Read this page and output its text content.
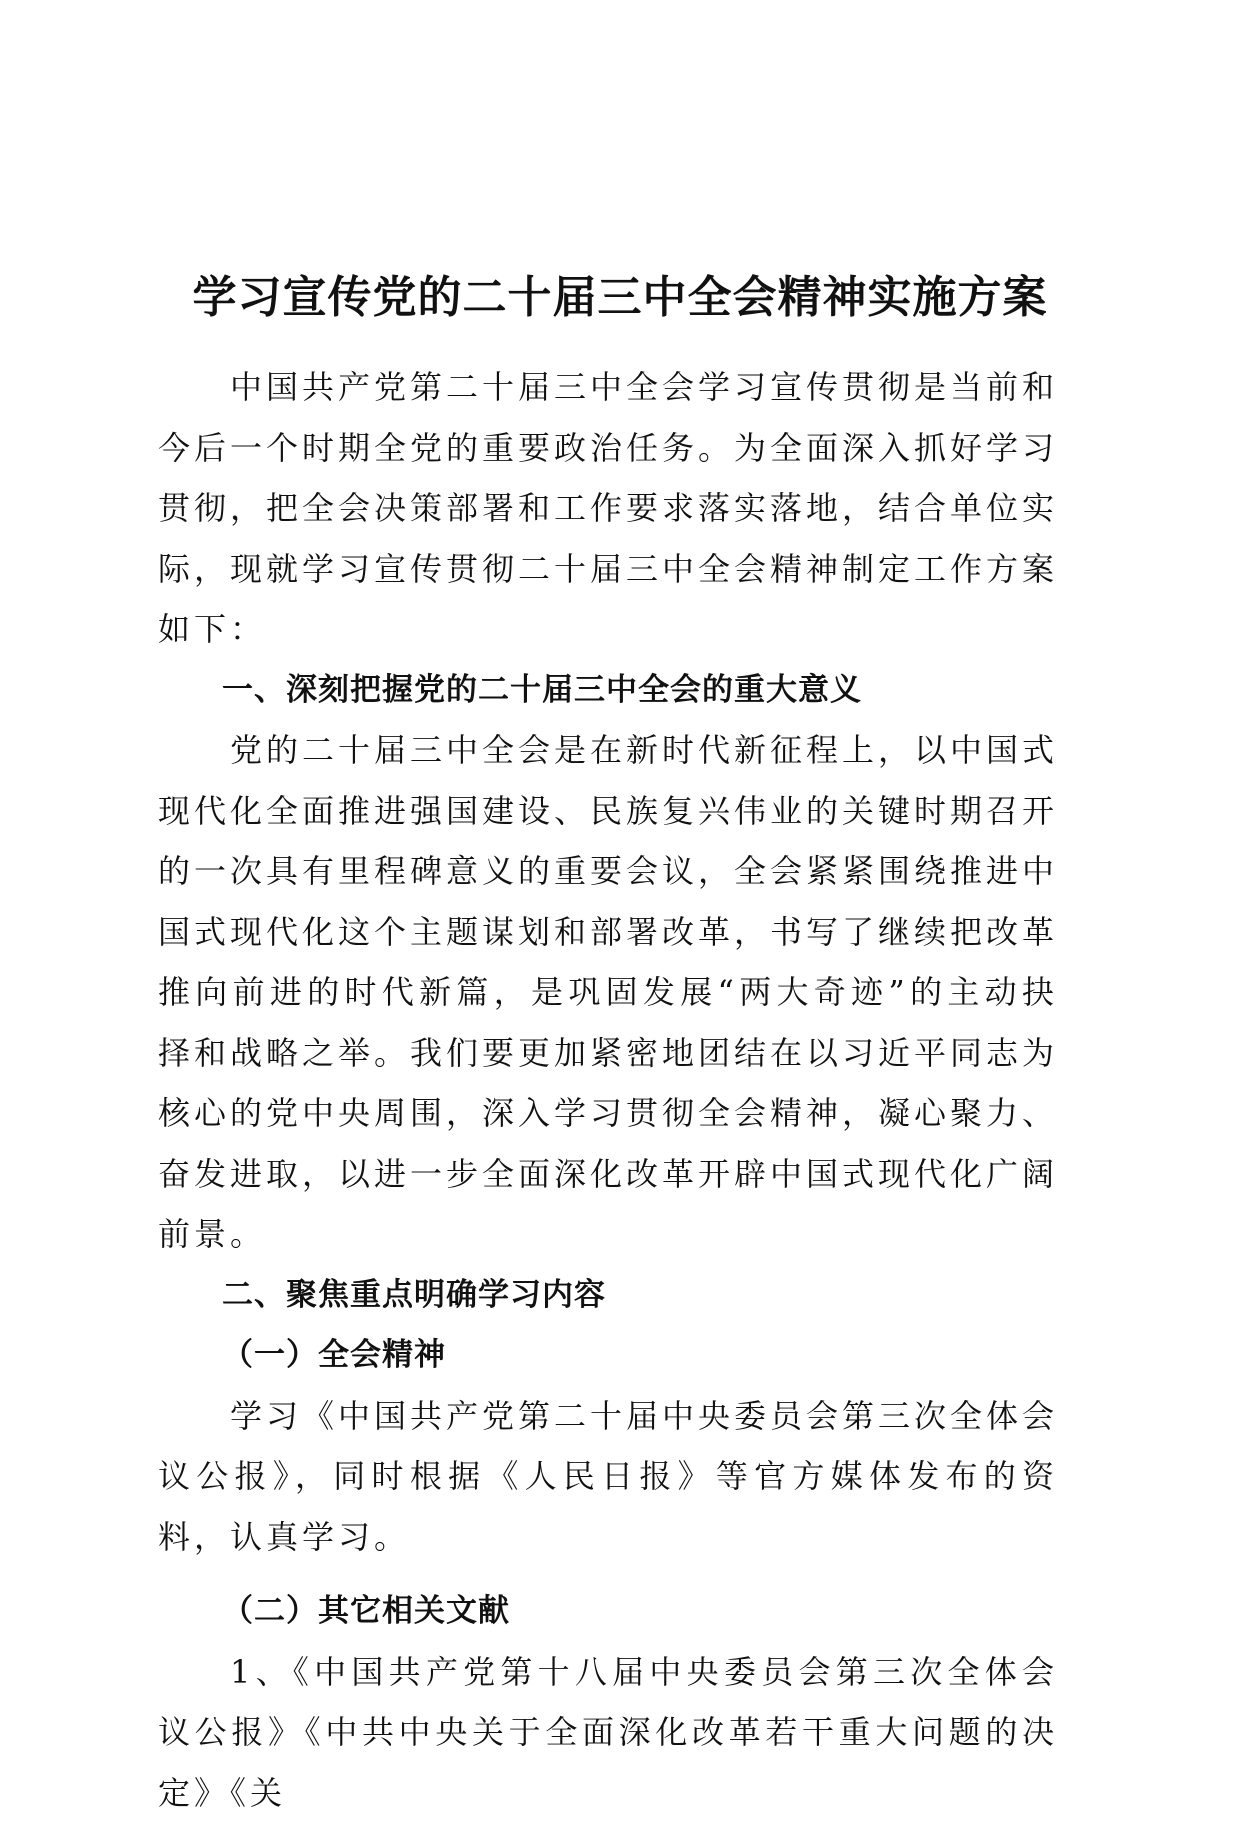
学习宣传党的二十届三中全会精神实施方案

中国共产党第二十届三中全会学习宣传贯彻是当前和今后一个时期全党的重要政治任务。为全面深入抓好学习贯彻，把全会决策部署和工作要求落实落地，结合单位实际，现就学习宣传贯彻二十届三中全会精神制定工作方案如下：

一、深刻把握党的二十届三中全会的重大意义

党的二十届三中全会是在新时代新征程上，以中国式现代化全面推进强国建设、民族复兴伟业的关键时期召开的一次具有里程碑意义的重要会议，全会紧紧围绕推进中国式现代化这个主题谋划和部署改革，书写了继续把改革推向前进的时代新篇，是巩固发展“两大奇迹”的主动抉择和战略之举。我们要更加紧密地团结在以习近平同志为核心的党中央周围，深入学习贯彻全会精神，凝心聚力、奋发进取，以进一步全面深化改革开辟中国式现代化广阔前景。

二、聚焦重点明确学习内容

（一）全会精神

学习《中国共产党第二十届中央委员会第三次全体会议公报》，同时根据《人民日报》等官方媒体发布的资料，认真学习。

（二）其它相关文献

1、《中国共产党第十八届中央委员会第三次全体会议公报》《中共中央关于全面深化改革若干重大问题的决定》《关
